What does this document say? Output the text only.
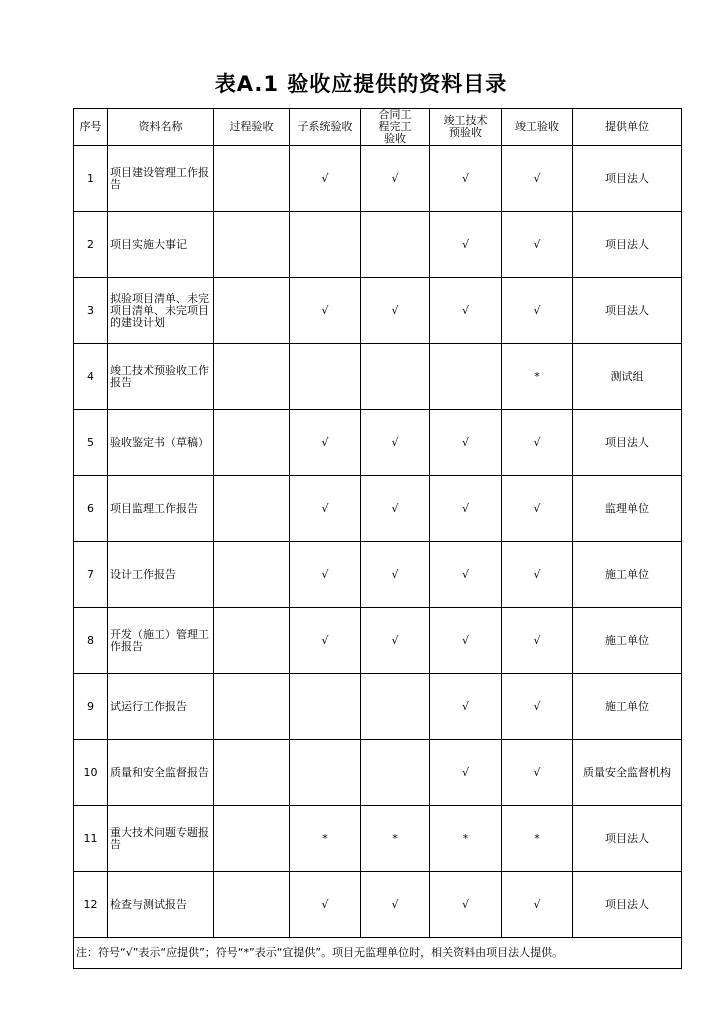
表A.1 验收应提供的资料目录
序号	资料名称	过程验收	子系统验收	合同工程完工验收	竣工技术预验收	竣工验收	提供单位
1	项目建设管理工作报告		√	√	√	√	项目法人
2	项目实施大事记				√	√	项目法人
3	拟验项目清单、未完项目清单、未完项目的建设计划		√	√	√	√	项目法人
4	竣工技术预验收工作报告					*	测试组
5	验收鉴定书（草稿）		√	√	√	√	项目法人
6	项目监理工作报告		√	√	√	√	监理单位
7	设计工作报告		√	√	√	√	施工单位
8	开发（施工）管理工作报告		√	√	√	√	施工单位
9	试运行工作报告				√	√	施工单位
10	质量和安全监督报告				√	√	质量安全监督机构
11	重大技术问题专题报告		*	*	*	*	项目法人
12	检查与测试报告		√	√	√	√	项目法人
注：符号“√”表示“应提供”；符号“*”表示“宜提供”。项目无监理单位时，相关资料由项目法人提供。							
